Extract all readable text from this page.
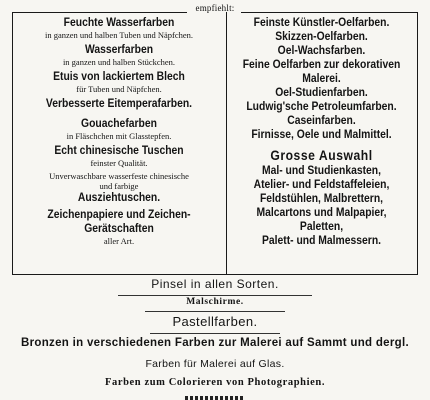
empfiehlt:
Feuchte Wasserfarben
in ganzen und halben Tuben und Näpfchen.
Wasserfarben
in ganzen und halben Stückchen.
Etuis von lackiertem Blech
für Tuben und Näpfchen.
Verbesserte Eitemperafarben.
Gouachefarben
in Fläschchen mit Glasstepfen.
Echt chinesische Tuschen
feinster Qualität.
Unverwaschbare wasserfeste chinesische
und farbige
Ausziehtuschen.
Zeichenpapiere und Zeichen-
Gerätschaften
aller Art.
Feinste Künstler-Oelfarben.
Skizzen-Oelfarben.
Oel-Wachsfarben.
Feine Oelfarben zur dekorativen
Malerei.
Oel-Studienfarben.
Ludwig'sche Petroleumfarben.
Caseinfarben.
Firnisse, Oele und Malmittel.
Grosse Auswahl
Mal- und Studienkasten,
Atelier- und Feldstaffeleien,
Feldstühlen, Malbrettern,
Malcartons und Malpapier,
Paletten,
Palett- und Malmessern.
Pinsel in allen Sorten.
Malschirme.
Pastellfarben.
Bronzen in verschiedenen Farben zur Malerei auf Sammt und dergl.
Farben für Malerei auf Glas.
Farben zum Colorieren von Photographien.
